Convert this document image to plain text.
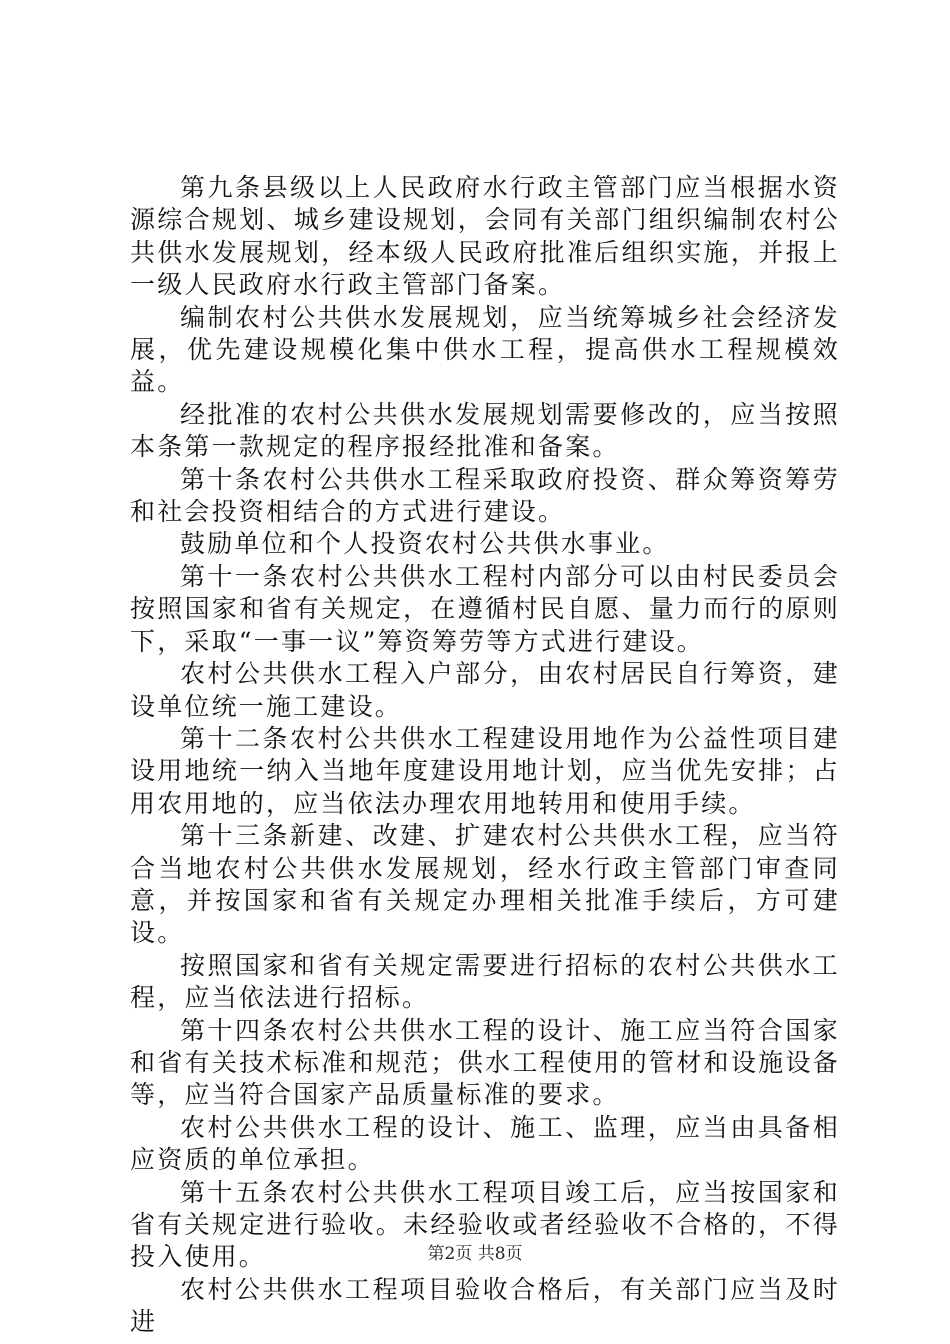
第九条县级以上人民政府水行政主管部门应当根据水资源综合规划、城乡建设规划，会同有关部门组织编制农村公共供水发展规划，经本级人民政府批准后组织实施，并报上一级人民政府水行政主管部门备案。

编制农村公共供水发展规划，应当统筹城乡社会经济发展，优先建设规模化集中供水工程，提高供水工程规模效益。

经批准的农村公共供水发展规划需要修改的，应当按照本条第一款规定的程序报经批准和备案。

第十条农村公共供水工程采取政府投资、群众筹资筹劳和社会投资相结合的方式进行建设。

鼓励单位和个人投资农村公共供水事业。

第十一条农村公共供水工程村内部分可以由村民委员会按照国家和省有关规定，在遵循村民自愿、量力而行的原则下，采取“一事一议”筹资筹劳等方式进行建设。

农村公共供水工程入户部分，由农村居民自行筹资，建设单位统一施工建设。

第十二条农村公共供水工程建设用地作为公益性项目建设用地统一纳入当地年度建设用地计划，应当优先安排；占用农用地的，应当依法办理农用地转用和使用手续。

第十三条新建、改建、扩建农村公共供水工程，应当符合当地农村公共供水发展规划，经水行政主管部门审查同意，并按国家和省有关规定办理相关批准手续后，方可建设。

按照国家和省有关规定需要进行招标的农村公共供水工程，应当依法进行招标。

第十四条农村公共供水工程的设计、施工应当符合国家和省有关技术标准和规范；供水工程使用的管材和设施设备等，应当符合国家产品质量标准的要求。

农村公共供水工程的设计、施工、监理，应当由具备相应资质的单位承担。

第十五条农村公共供水工程项目竣工后，应当按国家和省有关规定进行验收。未经验收或者经验收不合格的，不得投入使用。

农村公共供水工程项目验收合格后，有关部门应当及时进

第2页 共8页
